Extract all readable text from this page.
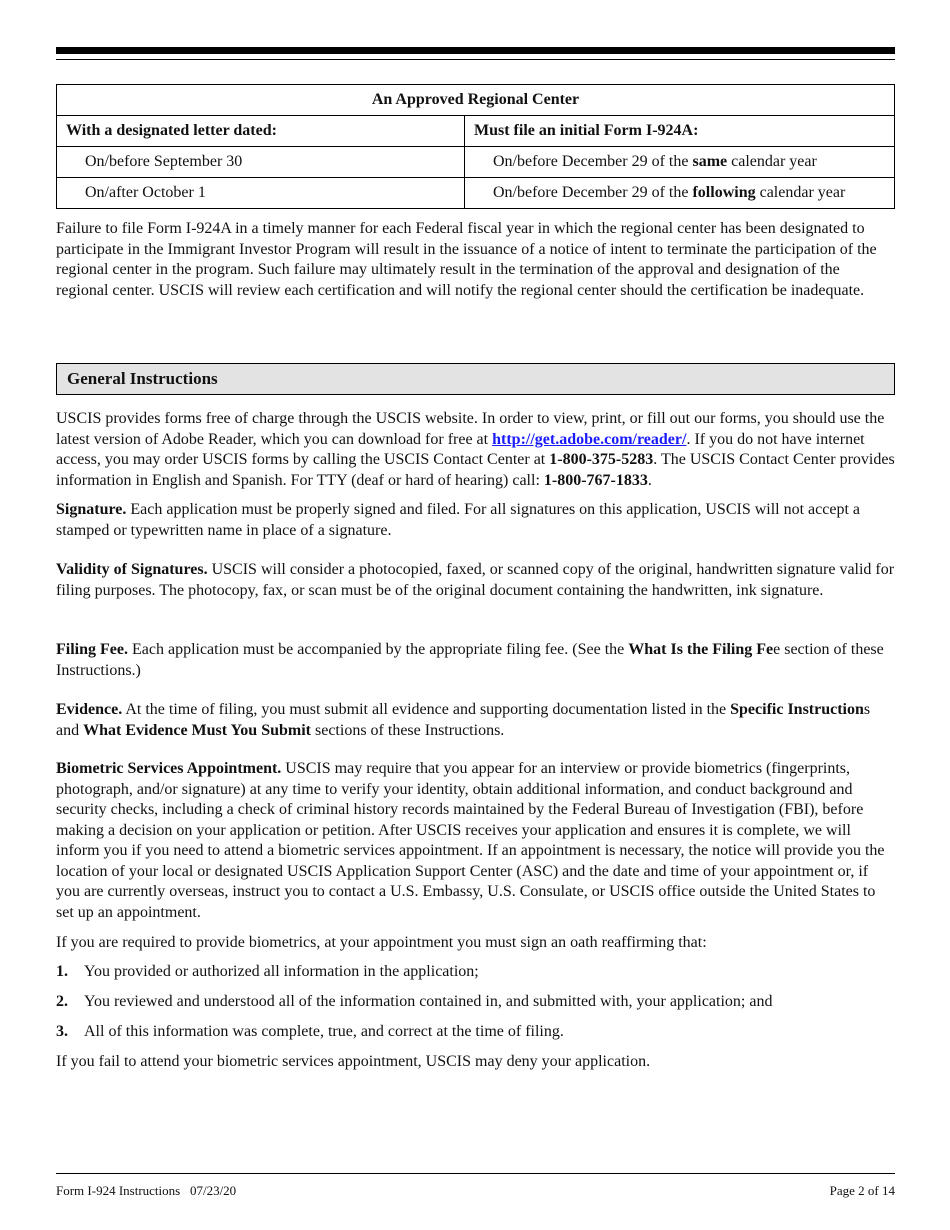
An Approved Regional Center	
With a designated letter dated:	Must file an initial Form I-924A:
On/before September 30	On/before December 29 of the same calendar year
On/after October 1	On/before December 29 of the following calendar year
Failure to file Form I-924A in a timely manner for each Federal fiscal year in which the regional center has been designated to participate in the Immigrant Investor Program will result in the issuance of a notice of intent to terminate the participation of the regional center in the program. Such failure may ultimately result in the termination of the approval and designation of the regional center. USCIS will review each certification and will notify the regional center should the certification be inadequate.
General Instructions
USCIS provides forms free of charge through the USCIS website. In order to view, print, or fill out our forms, you should use the latest version of Adobe Reader, which you can download for free at http://get.adobe.com/reader/. If you do not have internet access, you may order USCIS forms by calling the USCIS Contact Center at 1-800-375-5283. The USCIS Contact Center provides information in English and Spanish. For TTY (deaf or hard of hearing) call: 1-800-767-1833.
Signature. Each application must be properly signed and filed. For all signatures on this application, USCIS will not accept a stamped or typewritten name in place of a signature.
Validity of Signatures. USCIS will consider a photocopied, faxed, or scanned copy of the original, handwritten signature valid for filing purposes. The photocopy, fax, or scan must be of the original document containing the handwritten, ink signature.
Filing Fee. Each application must be accompanied by the appropriate filing fee. (See the What Is the Filing Fee section of these Instructions.)
Evidence. At the time of filing, you must submit all evidence and supporting documentation listed in the Specific Instructions and What Evidence Must You Submit sections of these Instructions.
Biometric Services Appointment. USCIS may require that you appear for an interview or provide biometrics (fingerprints, photograph, and/or signature) at any time to verify your identity, obtain additional information, and conduct background and security checks, including a check of criminal history records maintained by the Federal Bureau of Investigation (FBI), before making a decision on your application or petition. After USCIS receives your application and ensures it is complete, we will inform you if you need to attend a biometric services appointment. If an appointment is necessary, the notice will provide you the location of your local or designated USCIS Application Support Center (ASC) and the date and time of your appointment or, if you are currently overseas, instruct you to contact a U.S. Embassy, U.S. Consulate, or USCIS office outside the United States to set up an appointment.
If you are required to provide biometrics, at your appointment you must sign an oath reaffirming that:
1. You provided or authorized all information in the application;
2. You reviewed and understood all of the information contained in, and submitted with, your application; and
3. All of this information was complete, true, and correct at the time of filing.
If you fail to attend your biometric services appointment, USCIS may deny your application.
Form I-924 Instructions   07/23/20	Page 2 of 14
